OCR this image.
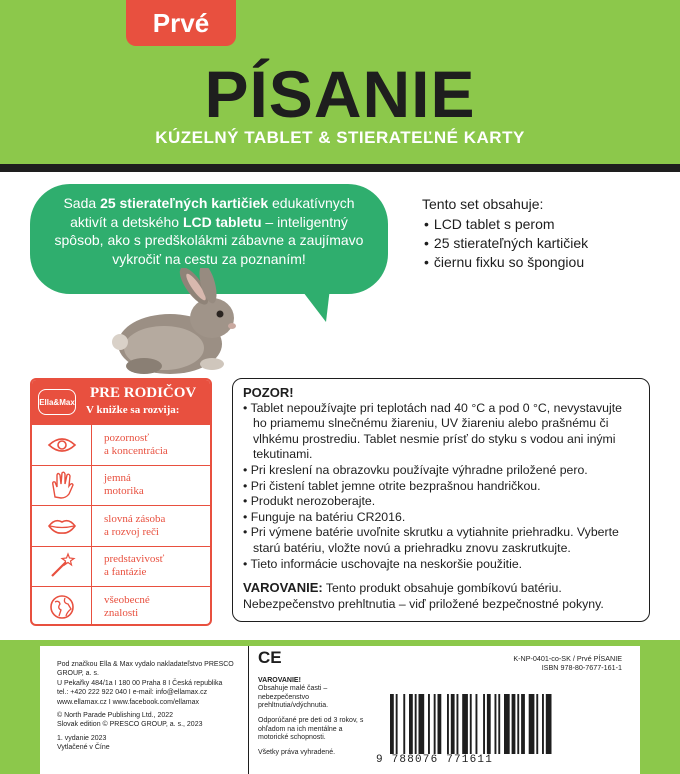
Prvé
PÍSANIE
KÚZELNÝ TABLET & STIERATEĽNÉ KARTY
Sada 25 stierateľných kartičiek edukatívnych aktivít a detského LCD tabletu – inteligentný spôsob, ako s predškolákmi zábavne a zaujímavo vykročiť na cestu za poznaním!
Tento set obsahuje:
• LCD tablet s perom
• 25 stierateľných kartičiek
• čiernu fixku so špongiou
Ella&Max
PRE RODIČOV
V knižke sa rozvija:
pozornosť
a koncentrácia
jemná
motorika
slovná zásoba
a rozvoj reči
predstavivosť
a fantázie
všeobecné
znalosti
POZOR!
• Tablet nepoužívajte pri teplotách nad 40 °C a pod 0 °C, nevystavujte ho priamemu slnečnému žiareniu, UV žiareniu alebo prašnému či vlhkému prostrediu. Tablet nesmie prísť do styku s vodou ani inými tekutinami.
• Pri kreslení na obrazovku používajte výhradne priložené pero.
• Pri čistení tablet jemne otrite bezprašnou handričkou.
• Produkt nerozoberajte.
• Funguje na batériu CR2016.
• Pri výmene batérie uvoľnite skrutku a vytiahnite priehradku. Vyberte starú batériu, vložte novú a priehradku znovu zaskrutkujte.
• Tieto informácie uschovajte na neskoršie použitie.
VAROVANIE: Tento produkt obsahuje gombíkovú batériu. Nebezpečenstvo prehltnutia – viď priložené bezpečnostné pokyny.

Pod značkou Ella & Max vydalo nakladateľstvo PRESCO GROUP, a. s.
U Pekařky 484/1a I 180 00 Praha 8 I Česká republika
tel.: +420 222 922 040 I e-mail: info@ellamax.cz
www.ellamax.cz I www.facebook.com/ellamax

© North Parade Publishing Ltd., 2022
Slovak edition © PRESCO GROUP, a. s., 2023

1. vydanie 2023
Vytlačené v Číne

CE

VAROVANIE!
Obsahuje malé časti – nebezpečenstvo prehltnutia/vdýchnutia.

Odporúčané pre deti od 3 rokov, s ohľadom na ich mentálne a motorické schopnosti.

Všetky práva vyhradené.

K-NP-0401-co-SK / Prvé PÍSANIE
ISBN 978-80-7677-161-1
9 788076 771611
